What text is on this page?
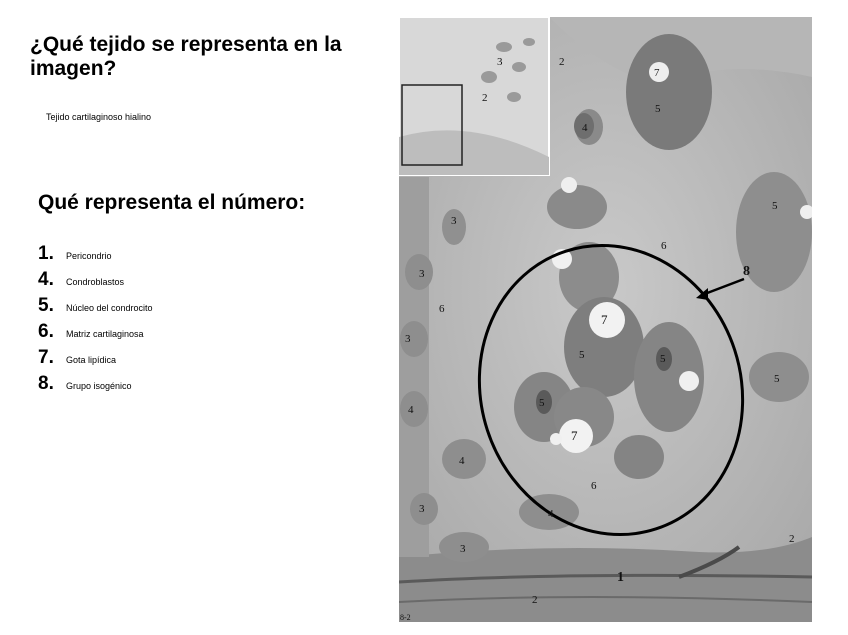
¿Qué tejido se representa en la imagen?
Tejido cartilaginoso hialino
Qué representa el número:
1.	Pericondrio
4.	Condroblastos
5.	Núcleo del condrocito
6.	Matriz cartilaginosa
7.	Gota lipídica
8.	Grupo isogénico
8
1
2
2
2
2
3
3
3
3
3
3
4
4
4
4
5
5
5	5
5
5
6
6
6
7
7
7
8-2
